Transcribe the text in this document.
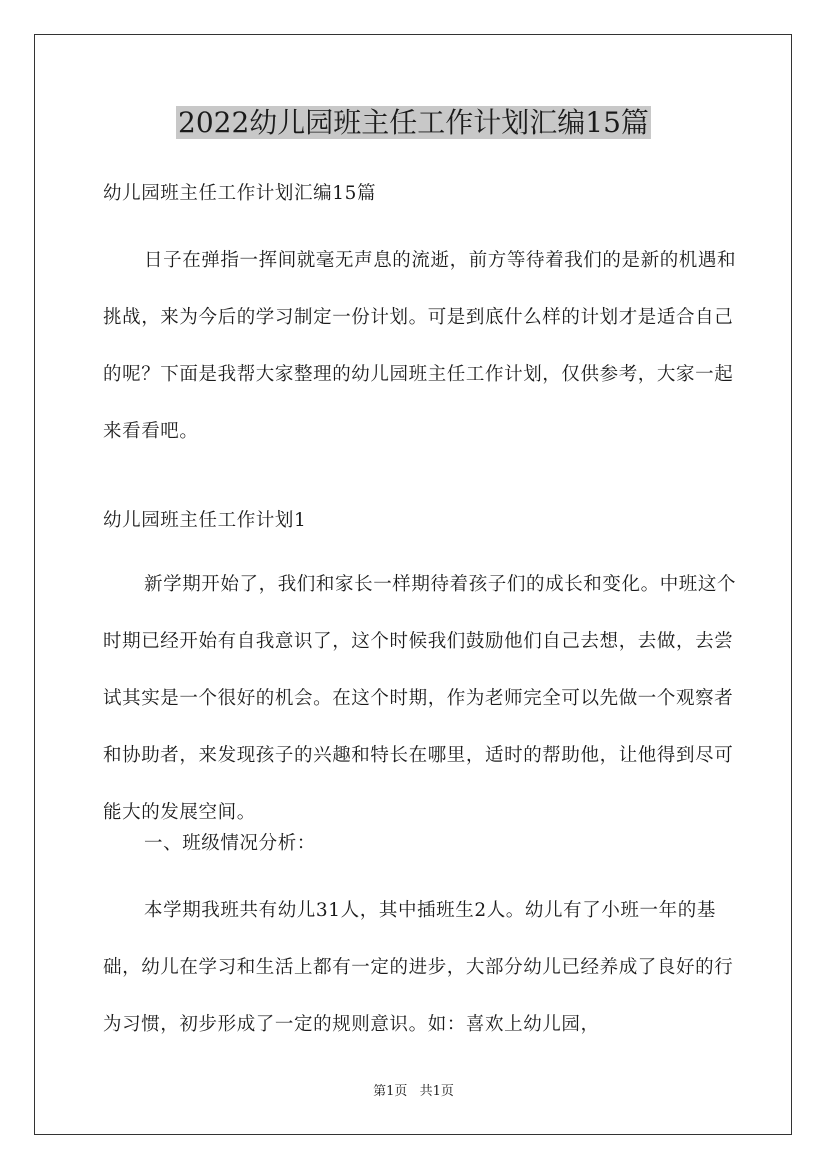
2022幼儿园班主任工作计划汇编15篇

幼儿园班主任工作计划汇编15篇

日子在弹指一挥间就毫无声息的流逝，前方等待着我们的是新的机遇和挑战，来为今后的学习制定一份计划。可是到底什么样的计划才是适合自己的呢？下面是我帮大家整理的幼儿园班主任工作计划，仅供参考，大家一起来看看吧。

幼儿园班主任工作计划1

新学期开始了，我们和家长一样期待着孩子们的成长和变化。中班这个时期已经开始有自我意识了，这个时候我们鼓励他们自己去想，去做，去尝试其实是一个很好的机会。在这个时期，作为老师完全可以先做一个观察者和协助者，来发现孩子的兴趣和特长在哪里，适时的帮助他，让他得到尽可能大的发展空间。

一、班级情况分析：

本学期我班共有幼儿31人，其中插班生2人。幼儿有了小班一年的基础，幼儿在学习和生活上都有一定的进步，大部分幼儿已经养成了良好的行为习惯，初步形成了一定的规则意识。如：喜欢上幼儿园，

第1页 共1页
